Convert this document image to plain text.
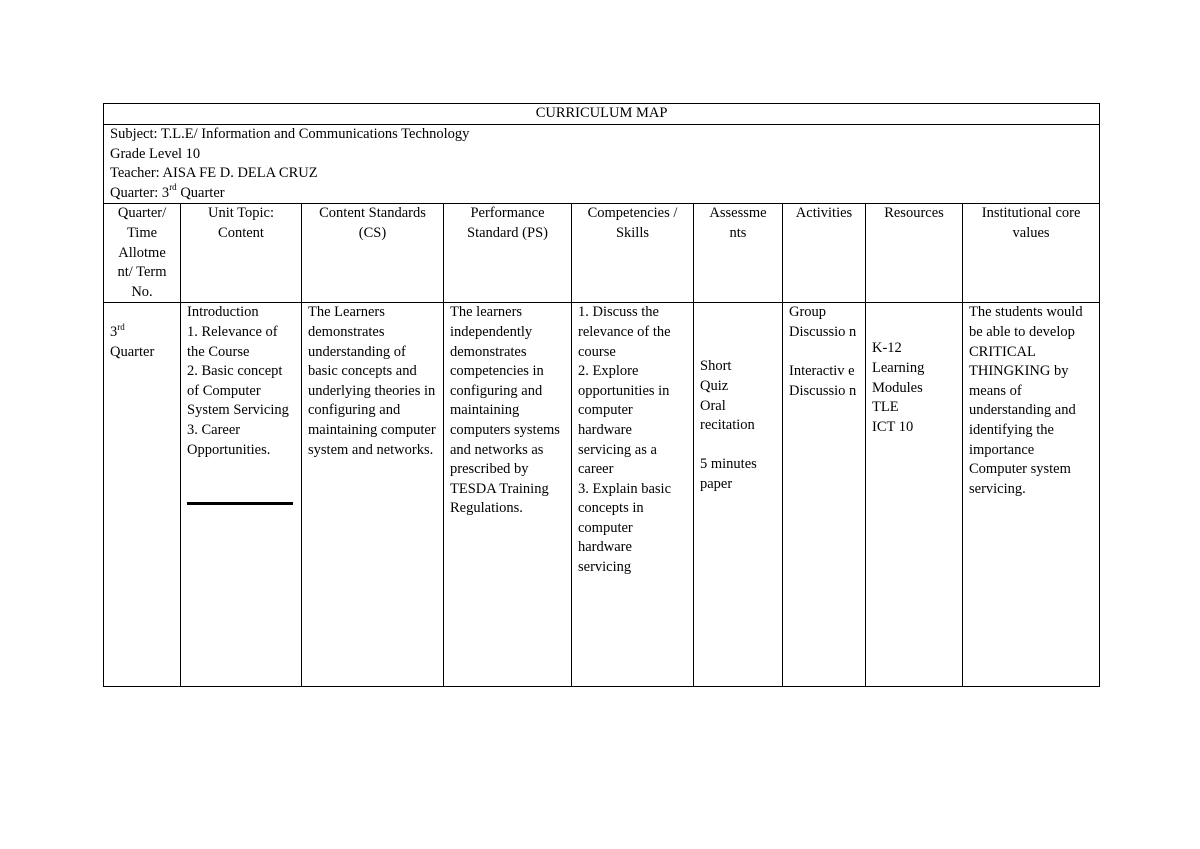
CURRICULUM MAP								

Subject: T.L.E/ Information and Communications Technology
Grade Level 10
Teacher: AISA FE D. DELA CRUZ
Quarter: 3rd Quarter								

Quarter/ Time Allotme nt/ Term No.	Unit Topic: Content	Content Standards (CS)	Performance Standard (PS)	Competencies / Skills	Assessme nts	Activities	Resources	Institutional core values

3rd
Quarter	Introduction
1. Relevance of the Course
2. Basic concept of Computer System Servicing
3. Career Opportunities.	The Learners demonstrates understanding of basic concepts and underlying theories in configuring and maintaining computer system and networks.	The learners independently demonstrates competencies in configuring and maintaining computers systems and networks as prescribed by TESDA Training Regulations.	1. Discuss the relevance of the course
2. Explore opportunities in computer hardware servicing as a career
3. Explain basic concepts in computer hardware servicing	Short
Quiz
Oral recitation

5 minutes paper	Group Discussio n

Interactiv e Discussio n	K-12 Learning Modules
TLE
ICT 10	The students would be able to develop CRITICAL THINGKING by means of understanding and identifying the importance Computer system servicing.
